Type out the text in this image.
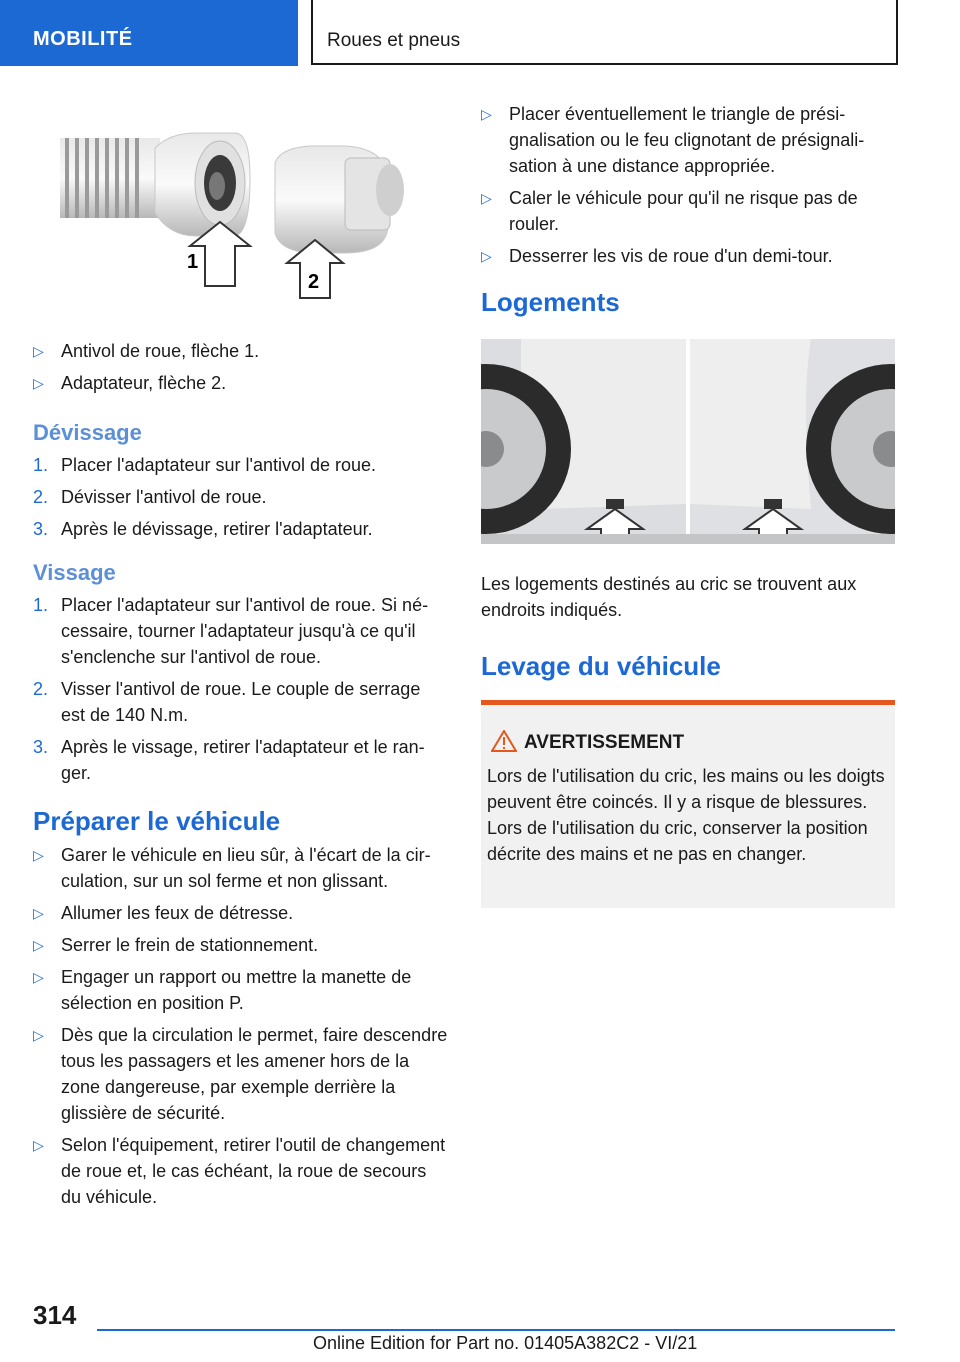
MOBILITÉ	Roues et pneus
1
2
▷ Antivol de roue, flèche 1.
▷ Adaptateur, flèche 2.
Dévissage
1. Placer l'adaptateur sur l'antivol de roue.
2. Dévisser l'antivol de roue.
3. Après le dévissage, retirer l'adaptateur.
Vissage
1. Placer l'adaptateur sur l'antivol de roue. Si nécessaire, tourner l'adaptateur jusqu'à ce qu'il s'enclenche sur l'antivol de roue.
2. Visser l'antivol de roue. Le couple de serrage est de 140 N.m.
3. Après le vissage, retirer l'adaptateur et le ranger.
Préparer le véhicule
▷ Garer le véhicule en lieu sûr, à l'écart de la circulation, sur un sol ferme et non glissant.
▷ Allumer les feux de détresse.
▷ Serrer le frein de stationnement.
▷ Engager un rapport ou mettre la manette de sélection en position P.
▷ Dès que la circulation le permet, faire descendre tous les passagers et les amener hors de la zone dangereuse, par exemple derrière la glissière de sécurité.
▷ Selon l'équipement, retirer l'outil de changement de roue et, le cas échéant, la roue de secours du véhicule.
▷ Placer éventuellement le triangle de présignalisation ou le feu clignotant de présignalisation à une distance appropriée.
▷ Caler le véhicule pour qu'il ne risque pas de rouler.
▷ Desserrer les vis de roue d'un demi-tour.
Logements

Les logements destinés au cric se trouvent aux endroits indiqués.

Levage du véhicule
AVERTISSEMENT
Lors de l'utilisation du cric, les mains ou les doigts peuvent être coincés. Il y a risque de blessures. Lors de l'utilisation du cric, conserver la position décrite des mains et ne pas en changer.
314
Online Edition for Part no. 01405A382C2 - VI/21
